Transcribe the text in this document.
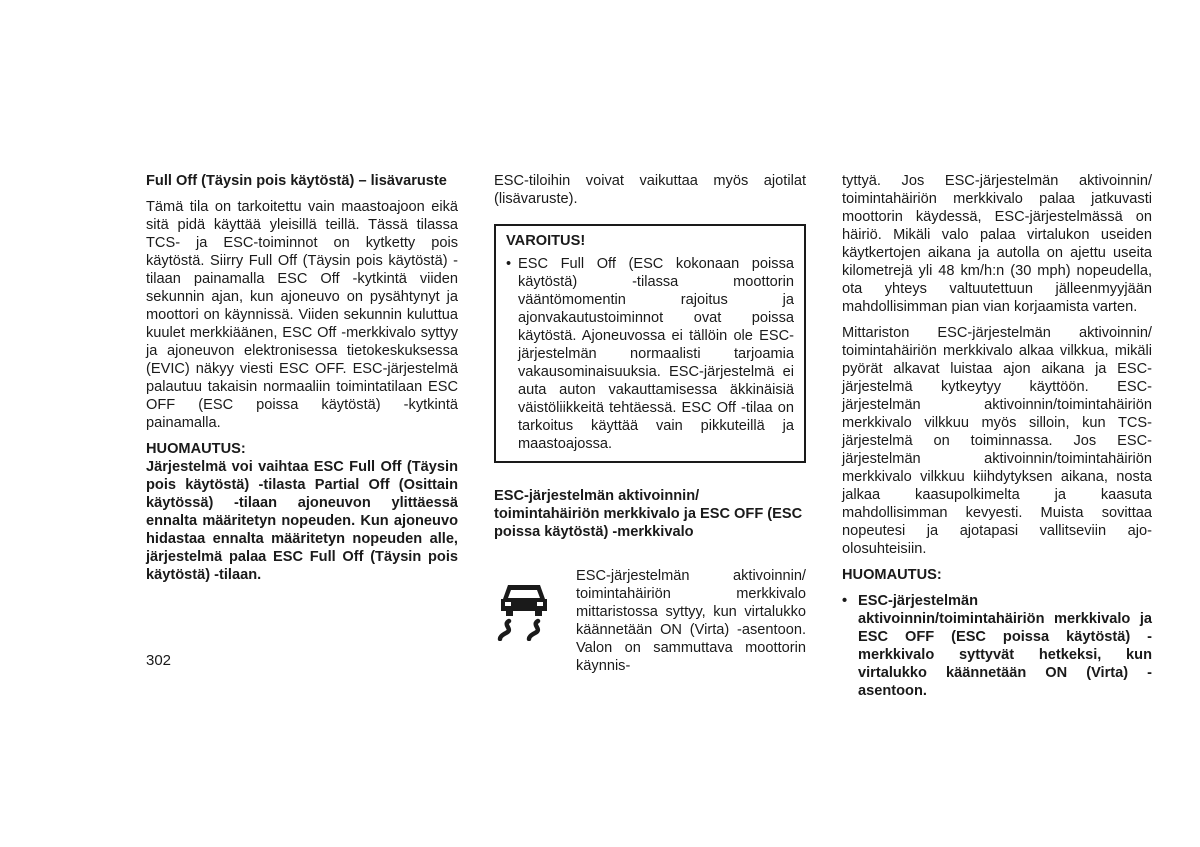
Full Off (Täysin pois käytöstä) – lisävaruste

Tämä tila on tarkoitettu vain maastoajoon eikä sitä pidä käyttää yleisillä teillä. Tässä tilassa TCS- ja ESC-toiminnot on kytketty pois käytöstä. Siirry Full Off (Täysin pois käytöstä) -tilaan painamalla ESC Off -kytkintä viiden sekunnin ajan, kun ajoneuvo on pysähtynyt ja moottori on käynnissä. Viiden sekunnin kuluttua kuulet merkkiäänen, ESC Off -merkkivalo syttyy ja ajoneuvon elektronisessa tietokeskuksessa (EVIC) näkyy viesti ESC OFF. ESC-järjestelmä palautuu takaisin normaaliin toimintatilaan ESC OFF (ESC poissa käytöstä) -kytkintä painamalla.

HUOMAUTUS:

Järjestelmä voi vaihtaa ESC Full Off (Täysin pois käytöstä) -tilasta Partial Off (Osittain käytössä) -tilaan ajoneuvon ylittäessä ennalta määritetyn nopeuden. Kun ajoneuvo hidastaa ennalta määritetyn nopeuden alle, järjestelmä palaa ESC Full Off (Täysin pois käytöstä) -tilaan.

ESC-tiloihin voivat vaikuttaa myös ajotilat (lisävaruste).

VAROITUS!

• ESC Full Off (ESC kokonaan poissa käytöstä) -tilassa moottorin vääntömomentin rajoitus ja ajonvakautustoiminnot ovat poissa käytöstä. Ajoneuvossa ei tällöin ole ESC-järjestelmän normaalisti tarjoamia vakausominaisuuksia. ESC-järjestelmä ei auta auton vakauttamisessa äkkinäisiä väistöliikkeitä tehtäessä. ESC Off -tilaa on tarkoitus käyttää vain pikkuteillä ja maastoajossa.

ESC-järjestelmän aktivoinnin/ toimintahäiriön merkkivalo ja ESC OFF (ESC poissa käytöstä) -merkkivalo

ESC-järjestelmän aktivoinnin/ toimintahäiriön merkkivalo mittaristossa syttyy, kun virtalukko käännetään ON (Virta) -asentoon. Valon on sammuttava moottorin käynnis-

tyttyä. Jos ESC-järjestelmän aktivoinnin/ toimintahäiriön merkkivalo palaa jatkuvasti moottorin käydessä, ESC-järjestelmässä on häiriö. Mikäli valo palaa virtalukon useiden käytkertojen aikana ja autolla on ajettu useita kilometrejä yli 48 km/h:n (30 mph) nopeudella, ota yhteys valtuutettuun jälleenmyyjään mahdollisimman pian vian korjaamista varten.

Mittariston ESC-järjestelmän aktivoinnin/ toimintahäiriön merkkivalo alkaa vilkkua, mikäli pyörät alkavat luistaa ajon aikana ja ESC-järjestelmä kytkeytyy käyttöön. ESC-järjestelmän aktivoinnin/toimintahäiriön merkkivalo vilkkuu myös silloin, kun TCS-järjestelmä on toiminnassa. Jos ESC-järjestelmän aktivoinnin/toimintahäiriön merkkivalo vilkkuu kiihdytyksen aikana, nosta jalkaa kaasupolkimelta ja kaasuta mahdollisimman kevyesti. Muista sovittaa nopeutesi ja ajotapasi vallitseviin ajo-olosuhteisiin.

HUOMAUTUS:

• ESC-järjestelmän aktivoinnin/toimintahäiriön merkkivalo ja ESC OFF (ESC poissa käytöstä) -merkkivalo syttyvät hetkeksi, kun virtalukko käännetään ON (Virta) -asentoon.

302
